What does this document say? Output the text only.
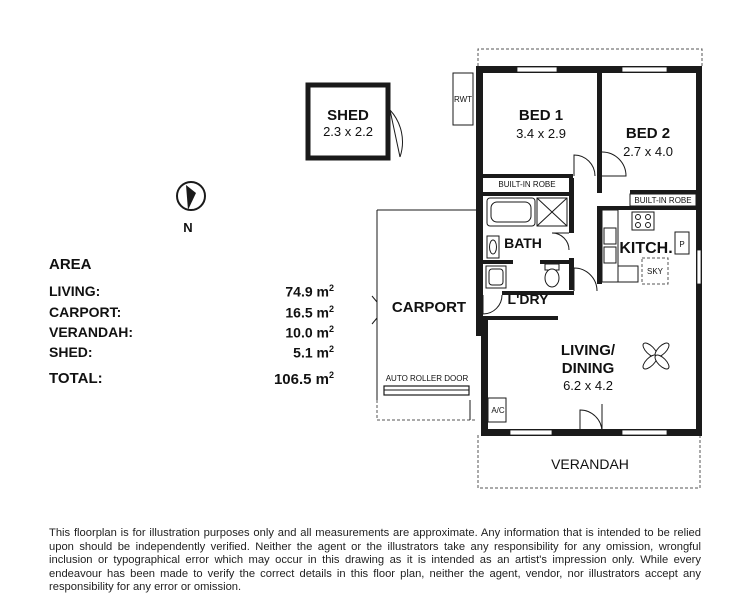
SHED
2.3 x 2.2
RWT
N
BED 1
3.4 x 2.9	BED 2
2.7 x 4.0
BUILT-IN ROBE
BUILT-IN ROBE
BATH
L'DRY
KITCH. P
SKY
LIVING/
DINING
6.2 x 4.2
A/C
VERANDAH
CARPORT
AUTO ROLLER DOOR
AREA
LIVING:	74.9 $m^2$
CARPORT:	16.5 $m^2$
VERANDAH:	10.0 $m^2$
SHED:	5.1 $m^2$
TOTAL:	106.5 $m^2$
This floorplan is for illustration purposes only and all measurements are approximate. Any information that is intended to be relied upon should be independently verified. Neither the agent or the illustrators take any responsibility for any omission, wrongful inclusion or typographical error which may occur in this drawing as it is intended as an artist's impression only. While every endeavour has been made to verify the correct details in this floor plan, neither the agent, vendor, nor illustrators accept any responsibility for any error or omission.
